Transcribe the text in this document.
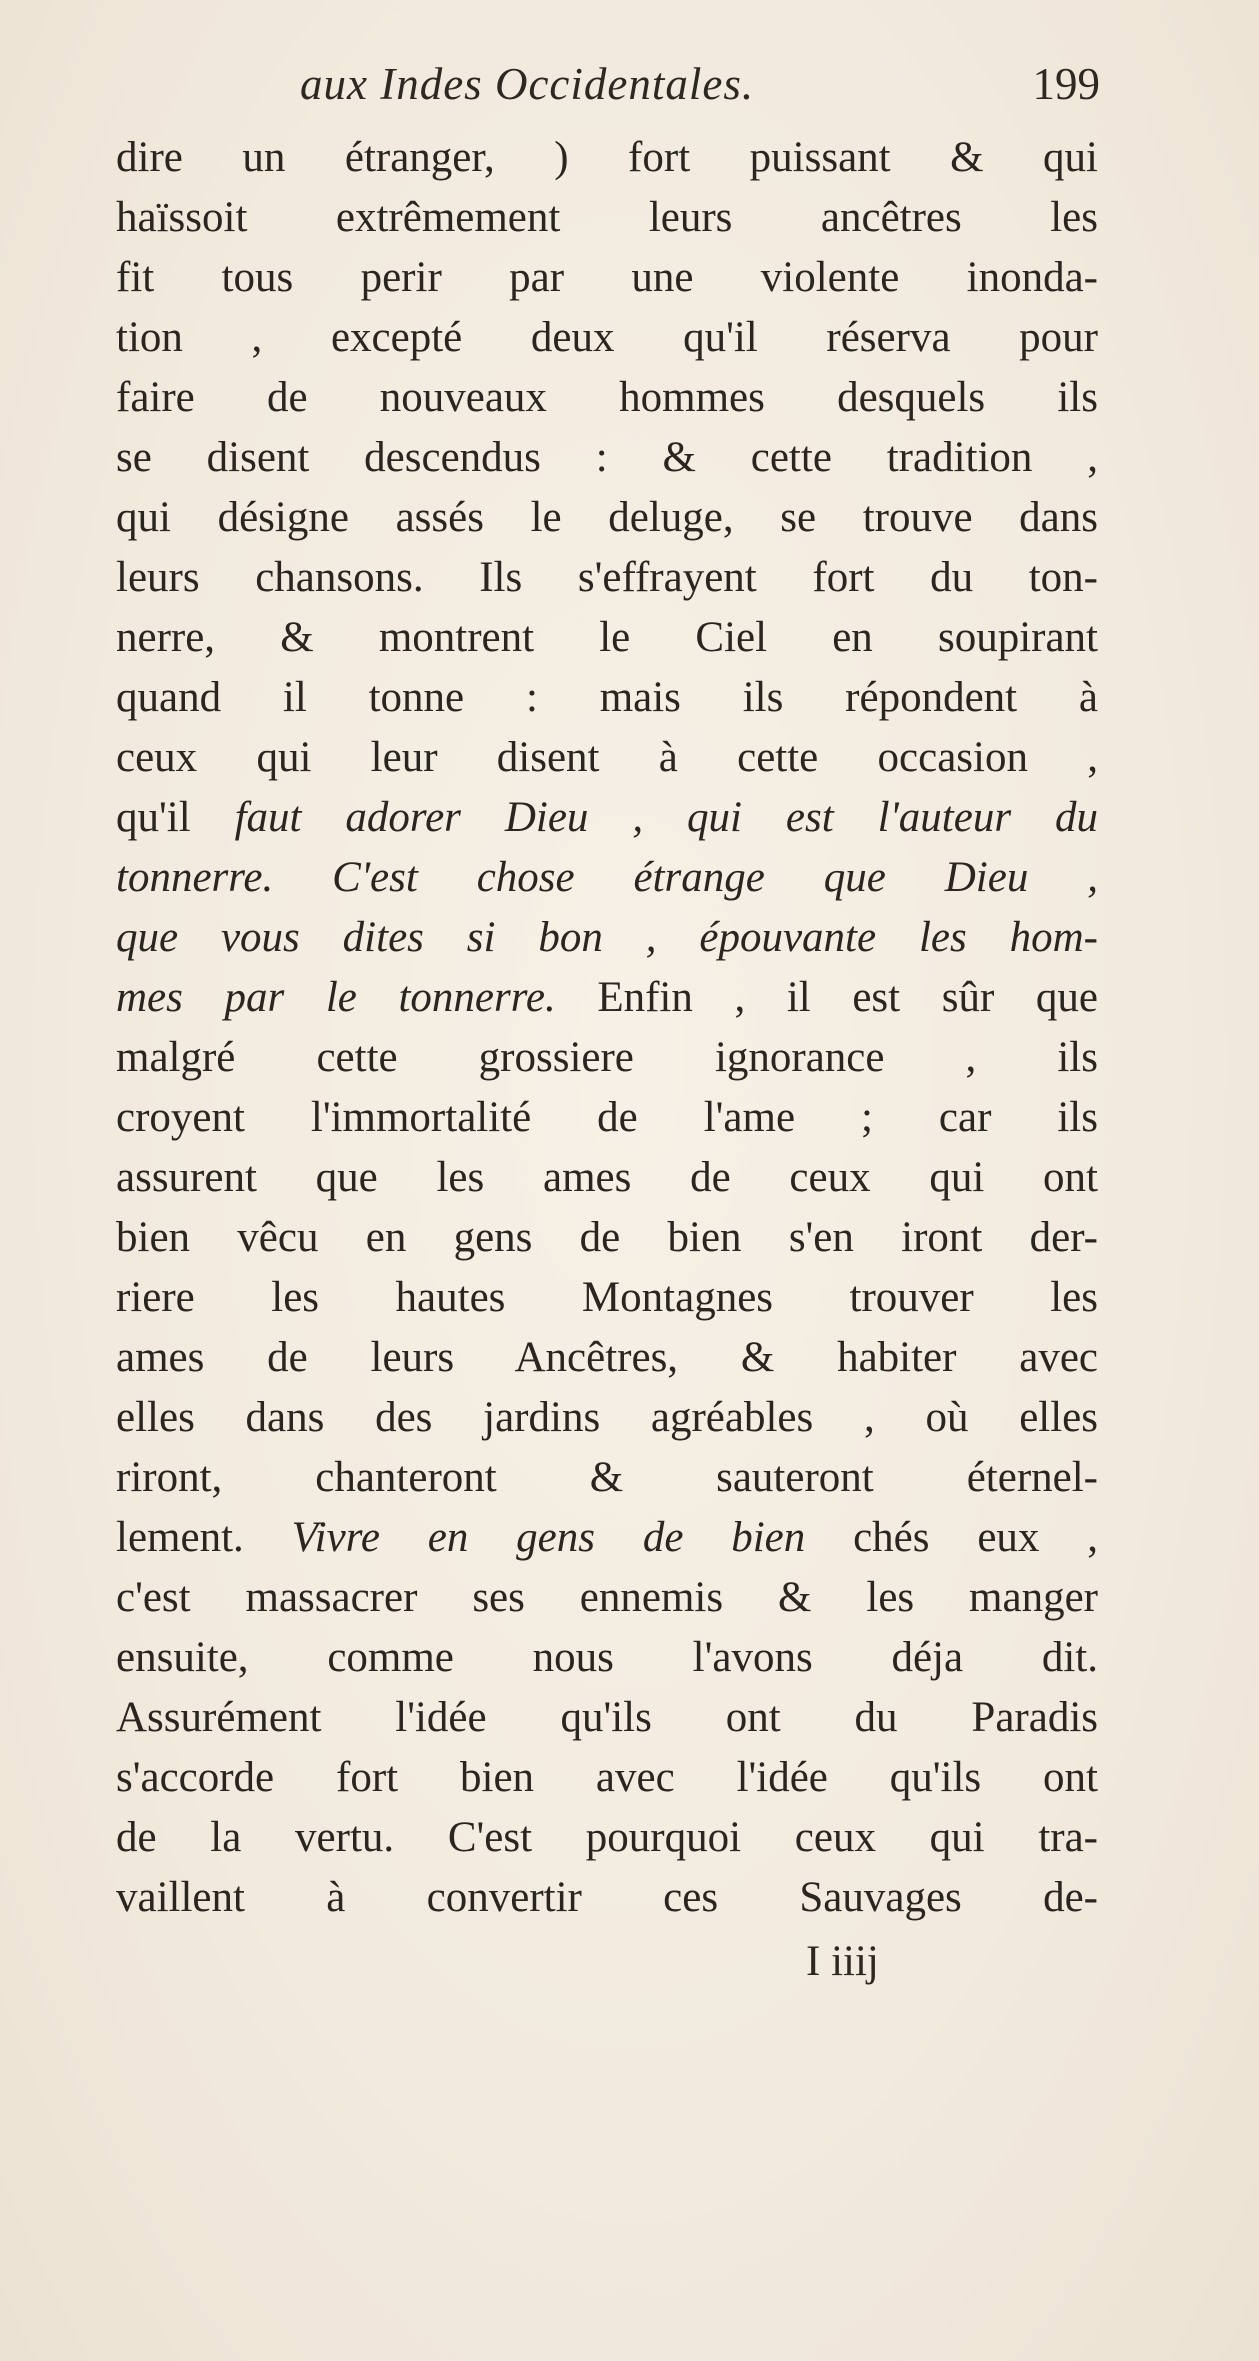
aux Indes Occidentales.	199
dire un étranger, ) fort puissant & qui
haïssoit extrêmement leurs ancêtres les
fit tous perir par une violente inonda-
tion , excepté deux qu'il réserva pour
faire de nouveaux hommes desquels ils
se disent descendus : & cette tradition ,
qui désigne assés le deluge, se trouve dans
leurs chansons. Ils s'effrayent fort du ton-
nerre, & montrent le Ciel en soupirant
quand il tonne : mais ils répondent à
ceux qui leur disent à cette occasion ,
qu'il faut adorer Dieu , qui est l'auteur du
tonnerre. C'est chose étrange que Dieu ,
que vous dites si bon , épouvante les hom-
mes par le tonnerre. Enfin , il est sûr que
malgré cette grossiere ignorance , ils
croyent l'immortalité de l'ame ; car ils
assurent que les ames de ceux qui ont
bien vêcu en gens de bien s'en iront der-
riere les hautes Montagnes trouver les
ames de leurs Ancêtres, & habiter avec
elles dans des jardins agréables , où elles
riront, chanteront & sauteront éternel-
lement. Vivre en gens de bien chés eux ,
c'est massacrer ses ennemis & les manger
ensuite, comme nous l'avons déja dit.
Assurément l'idée qu'ils ont du Paradis
s'accorde fort bien avec l'idée qu'ils ont
de la vertu. C'est pourquoi ceux qui tra-
vaillent à convertir ces Sauvages de-
I iiij
